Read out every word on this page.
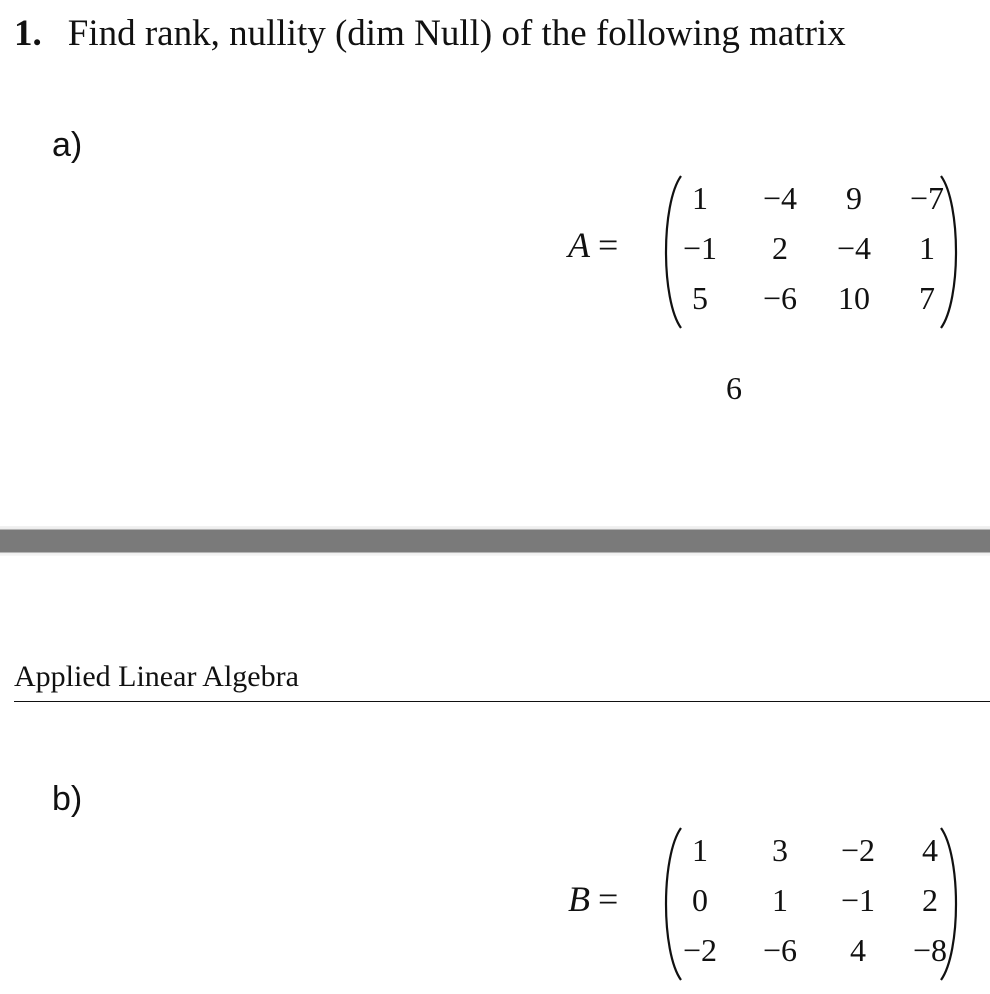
1. Find rank, nullity (dim Null) of the following matrix
a)
A =
1	−4	9	−7
−1	2	−4	1
5	−6	10	7
6
Applied Linear Algebra
b)
B =
1	3	−2	4
0	1	−1	2
−2	−6	4	−8
